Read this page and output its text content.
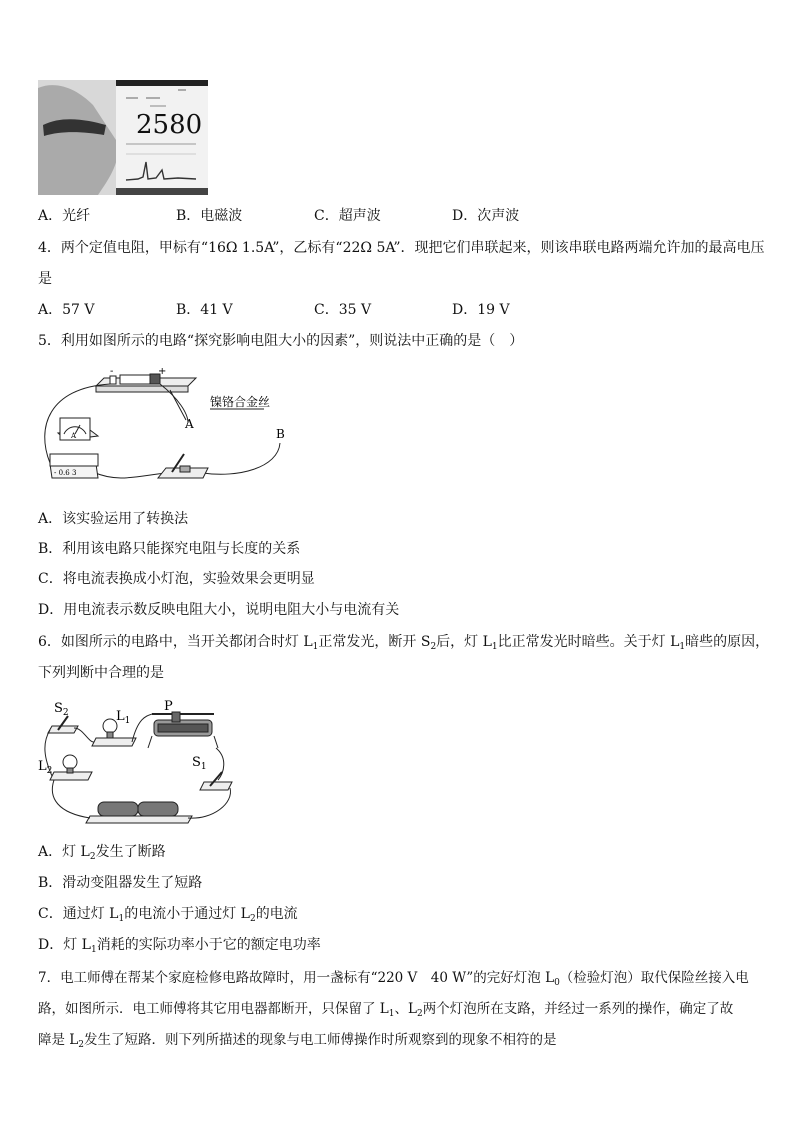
2580
A．光纤	B．电磁波	C．超声波	D．次声波
4．两个定值电阻，甲标有“16Ω 1.5A”，乙标有“22Ω 5A”．现把它们串联起来，则该串联电路两端允许加的最高电压
是
A．57 V	B．41 V	C．35 V	D．19 V
5．利用如图所示的电路“探究影响电阻大小的因素”，则说法中正确的是（　）
-	+
镍铬合金丝
A
B
A
- 0.6 3
A．该实验运用了转换法
B．利用该电路只能探究电阻与长度的关系
C．将电流表换成小灯泡，实验效果会更明显
D．用电流表示数反映电阻大小，说明电阻大小与电流有关
6．如图所示的电路中，当开关都闭合时灯 $L_1$正常发光，断开 $S_2$后，灯 $L_1$比正常发光时暗些。关于灯 $L_1$暗些的原因，
下列判断中合理的是
$S_2$	$L_1$
P
$L_2$
$S_1$
A．灯 $L_2$发生了断路
B．滑动变阻器发生了短路
C．通过灯 $L_1$的电流小于通过灯 $L_2$的电流
D．灯 $L_1$消耗的实际功率小于它的额定电功率
7．电工师傅在帮某个家庭检修电路故障时，用一盏标有“220 V　40 W”的完好灯泡 $L_0$（检验灯泡）取代保险丝接入电
路，如图所示．电工师傅将其它用电器都断开，只保留了 $L_1$、$L_2$两个灯泡所在支路，并经过一系列的操作，确定了故
障是 $L_2$发生了短路．则下列所描述的现象与电工师傅操作时所观察到的现象不相符的是
